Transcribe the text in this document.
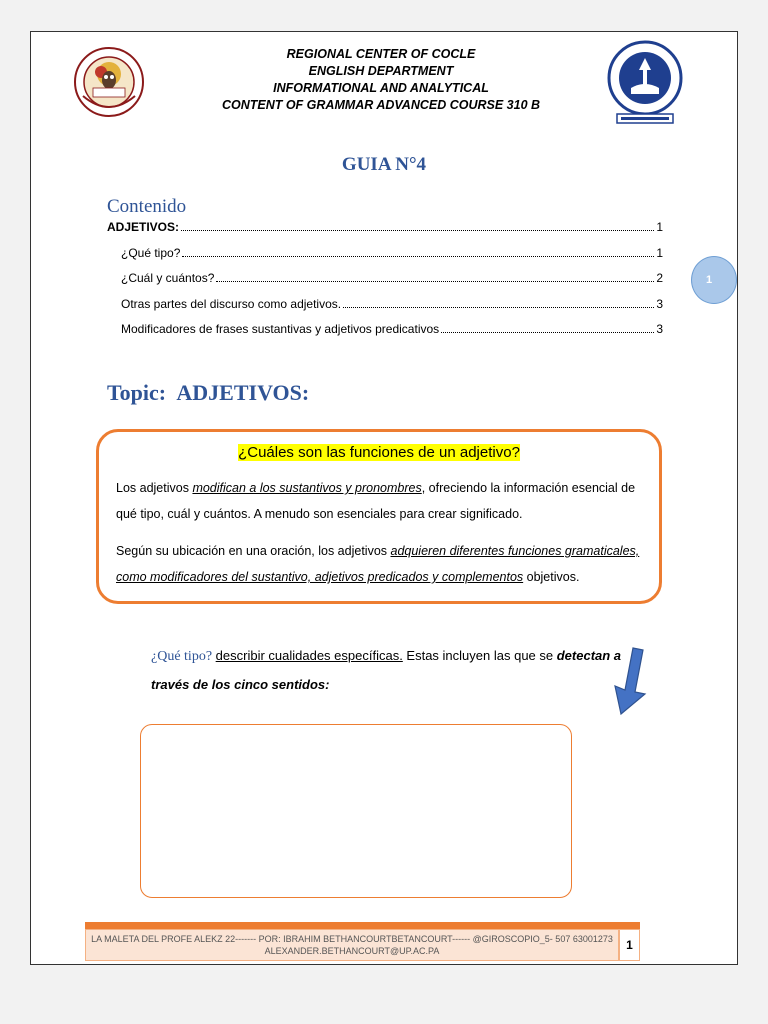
REGIONAL CENTER OF COCLE
ENGLISH DEPARTMENT
INFORMATIONAL AND ANALYTICAL
CONTENT OF GRAMMAR ADVANCED COURSE 310 B
GUIA N°4
Contenido
ADJETIVOS:	1
¿Qué tipo?	1
¿Cuál y cuántos?	2
Otras partes del discurso como adjetivos.	3
Modificadores de frases sustantivas y adjetivos predicativos	3
1
Topic: ADJETIVOS:
¿Cuáles son las funciones de un adjetivo?
Los adjetivos modifican a los sustantivos y pronombres, ofreciendo la información esencial de qué tipo, cuál y cuántos. A menudo son esenciales para crear significado.
Según su ubicación en una oración, los adjetivos adquieren diferentes funciones gramaticales, como modificadores del sustantivo, adjetivos predicados y complementos objetivos.
¿Qué tipo? describir cualidades específicas. Estas incluyen las que se detectan a través de los cinco sentidos:
LA MALETA DEL PROFE ALEKZ 22------- POR: IBRAHIM BETHANCOURTBETANCOURT------ @GIROSCOPIO_5- 507 63001273 ALEXANDER.BETHANCOURT@UP.AC.PA	1
